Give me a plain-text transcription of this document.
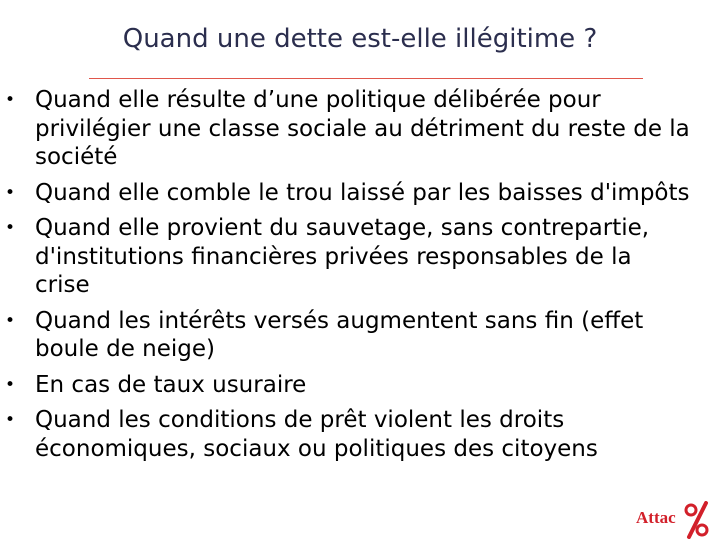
Quand une dette est-elle illégitime ?
• Quand elle résulte d’une politique délibérée pour privilégier une classe sociale au détriment du reste de la société
• Quand elle comble le trou laissé par les baisses d'impôts
• Quand elle provient du sauvetage, sans contrepartie, d'institutions financières privées responsables de la crise
• Quand les intérêts versés augmentent sans fin (effet boule de neige)
• En cas de taux usuraire
• Quand les conditions de prêt violent les droits économiques, sociaux ou politiques des citoyens
Attac
